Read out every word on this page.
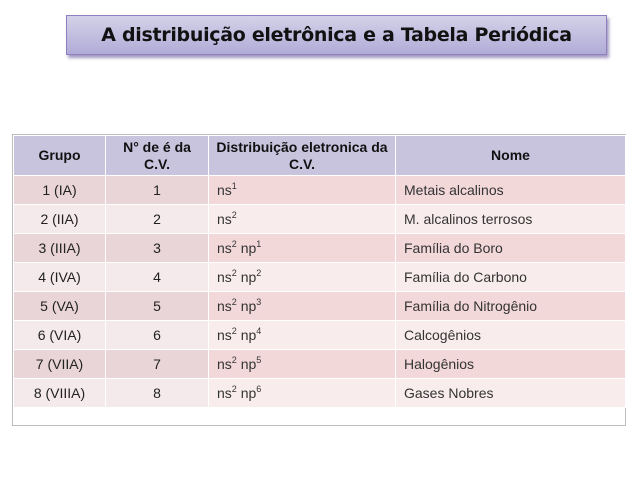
A distribuição eletrônica e a Tabela Periódica
Grupo	N° de é da C.V.	Distribuição eletronica da C.V.	Nome
1 (IA)	1	$ns^1$	Metais alcalinos
2 (IIA)	2	$ns^2$	M. alcalinos terrosos
3 (IIIA)	3	$ns^2$ $np^1$	Família do Boro
4 (IVA)	4	$ns^2$ $np^2$	Família do Carbono
5 (VA)	5	$ns^2$ $np^3$	Família do Nitrogênio
6 (VIA)	6	$ns^2$ $np^4$	Calcogênios
7 (VIIA)	7	$ns^2$ $np^5$	Halogênios
8 (VIIIA)	8	$ns^2$ $np^6$	Gases Nobres
